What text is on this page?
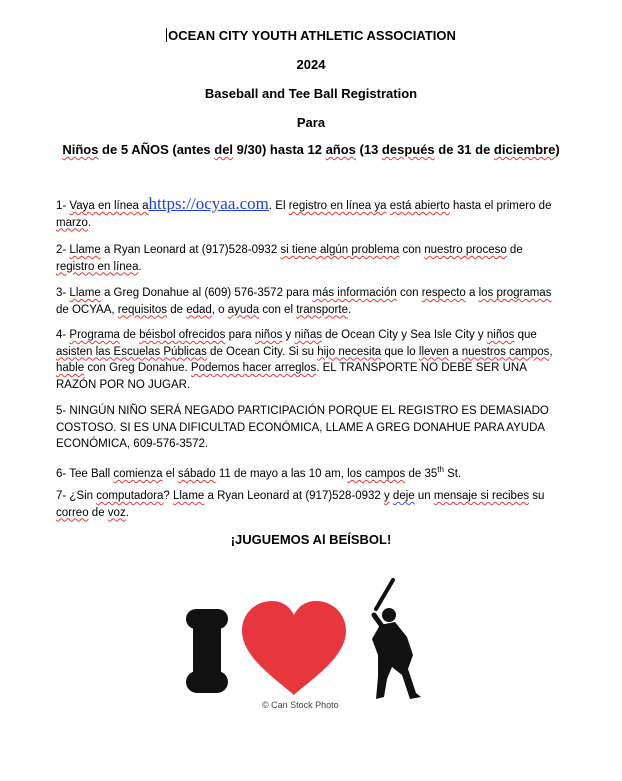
OCEAN CITY YOUTH ATHLETIC ASSOCIATION
2024
Baseball and Tee Ball Registration
Para
Niños de 5 AÑOS (antes del 9/30) hasta 12 años (13 después de 31 de diciembre)
1- Vaya en línea ahttps://ocyaa.com. El registro en línea ya está abierto hasta el primero de marzo.
2- Llame a Ryan Leonard at (917)528-0932 si tiene algún problema con nuestro proceso de registro en línea.
3- Llame a Greg Donahue al (609) 576-3572 para más información con respecto a los programas de OCYAA, requisitos de edad, o ayuda con el transporte.
4- Programa de béisbol ofrecidos para niños y niñas de Ocean City y Sea Isle City y niños que asisten las Escuelas Públicas de Ocean City. Si su hijo necesita que lo lleven a nuestros campos, hable con Greg Donahue. Podemos hacer arreglos. EL TRANSPORTE NO DEBE SER UNA RAZÓN POR NO JUGAR.
5- NINGÚN NIÑO SERÁ NEGADO PARTICIPACIÓN PORQUE EL REGISTRO ES DEMASIADO COSTOSO. SI ES UNA DIFICULTAD ECONÓMICA, LLAME A GREG DONAHUE PARA AYUDA ECONÓMICA, 609-576-3572.
6- Tee Ball comienza el sábado 11 de mayo a las 10 am, los campos de 35th St.
7- ¿Sin computadora? Llame a Ryan Leonard at (917)528-0932 y deje un mensaje si recibes su correo de voz.
¡JUGUEMOS Al BEÍSBOL!
I
© Can Stock Photo
